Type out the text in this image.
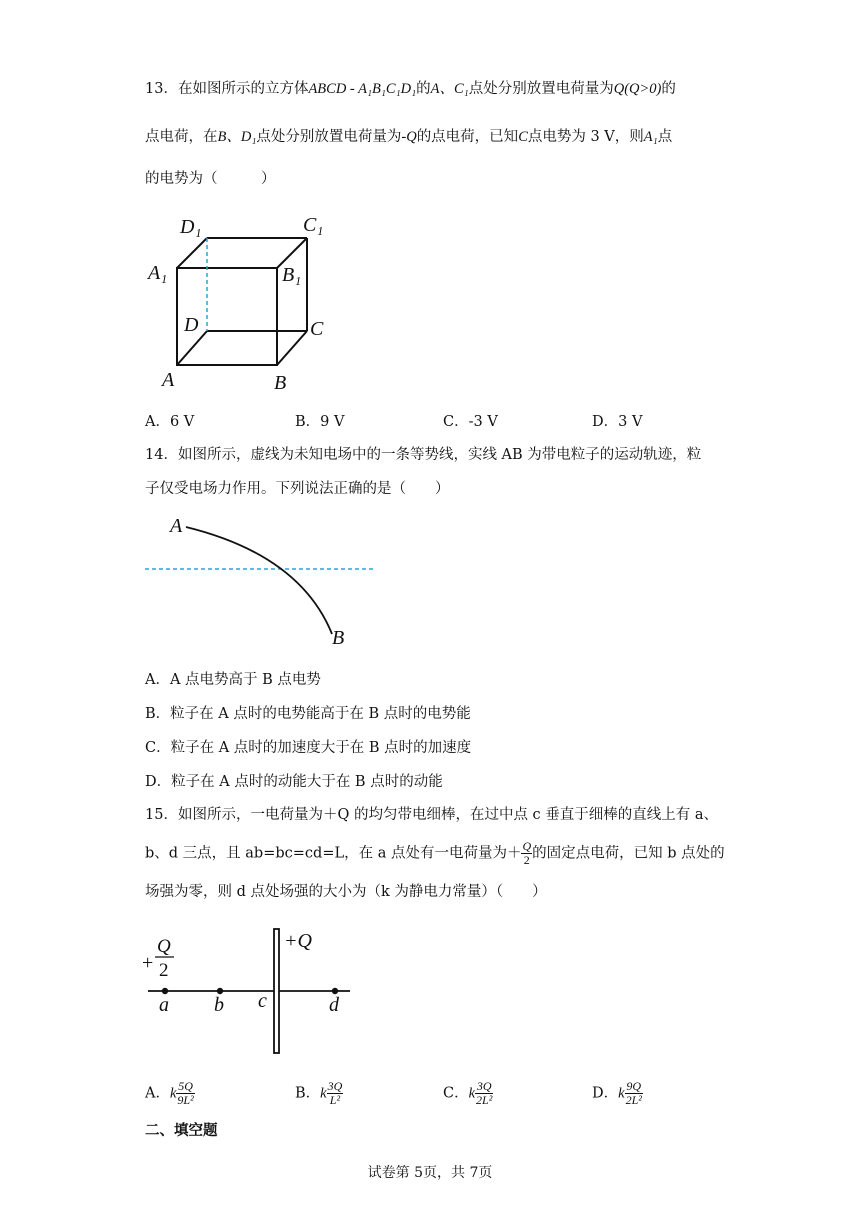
13．在如图所示的立方体ABCD - A₁B₁C₁D₁的A、C₁点处分别放置电荷量为Q(Q>0)的
点电荷，在B、D₁点处分别放置电荷量为-Q的点电荷，已知C点电势为 3 V，则A₁点
的电势为（　　　）
D₁	C₁
A₁	B₁
D	C
A	B
A．6 V	B．9 V	C．-3 V	D．3 V
14．如图所示，虚线为未知电场中的一条等势线，实线 AB 为带电粒子的运动轨迹，粒
子仅受电场力作用。下列说法正确的是（　　）
A
B
A．A 点电势高于 B 点电势
B．粒子在 A 点时的电势能高于在 B 点时的电势能
C．粒子在 A 点时的加速度大于在 B 点时的加速度
D．粒子在 A 点时的动能大于在 B 点时的动能
15．如图所示，一电荷量为＋Q 的均匀带电细棒，在过中点 c 垂直于细棒的直线上有 a、
b、d 三点，且 ab=bc=cd=L，在 a 点处有一电荷量为＋ $\frac{Q}{2}$ 的固定点电荷，已知 b 点处的
场强为零，则 d 点处场强的大小为（k 为静电力常量）（　　）
+
Q
2
+Q
a b c	d
A．k $\frac{5Q}{\text{9L²}}$	B．k $\frac{3Q}{\text{L²}}$	C．k $\frac{3Q}{\text{2L²}}$	D．k $\frac{9Q}{\text{2L²}}$
二、填空题
试卷第 5页，共 7页
